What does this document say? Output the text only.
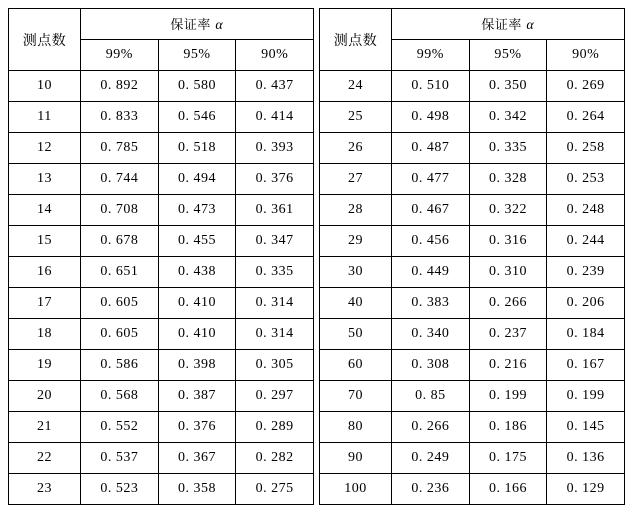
测点数	保证率 α		
	99%	95%	90%
10	0. 892	0. 580	0. 437
11	0. 833	0. 546	0. 414
12	0. 785	0. 518	0. 393
13	0. 744	0. 494	0. 376
14	0. 708	0. 473	0. 361
15	0. 678	0. 455	0. 347
16	0. 651	0. 438	0. 335
17	0. 605	0. 410	0. 314
18	0. 605	0. 410	0. 314
19	0. 586	0. 398	0. 305
20	0. 568	0. 387	0. 297
21	0. 552	0. 376	0. 289
22	0. 537	0. 367	0. 282
23	0. 523	0. 358	0. 275
测点数	保证率 α		
	99%	95%	90%
24	0. 510	0. 350	0. 269
25	0. 498	0. 342	0. 264
26	0. 487	0. 335	0. 258
27	0. 477	0. 328	0. 253
28	0. 467	0. 322	0. 248
29	0. 456	0. 316	0. 244
30	0. 449	0. 310	0. 239
40	0. 383	0. 266	0. 206
50	0. 340	0. 237	0. 184
60	0. 308	0. 216	0. 167
70	0. 85	0. 199	0. 199
80	0. 266	0. 186	0. 145
90	0. 249	0. 175	0. 136
100	0. 236	0. 166	0. 129
